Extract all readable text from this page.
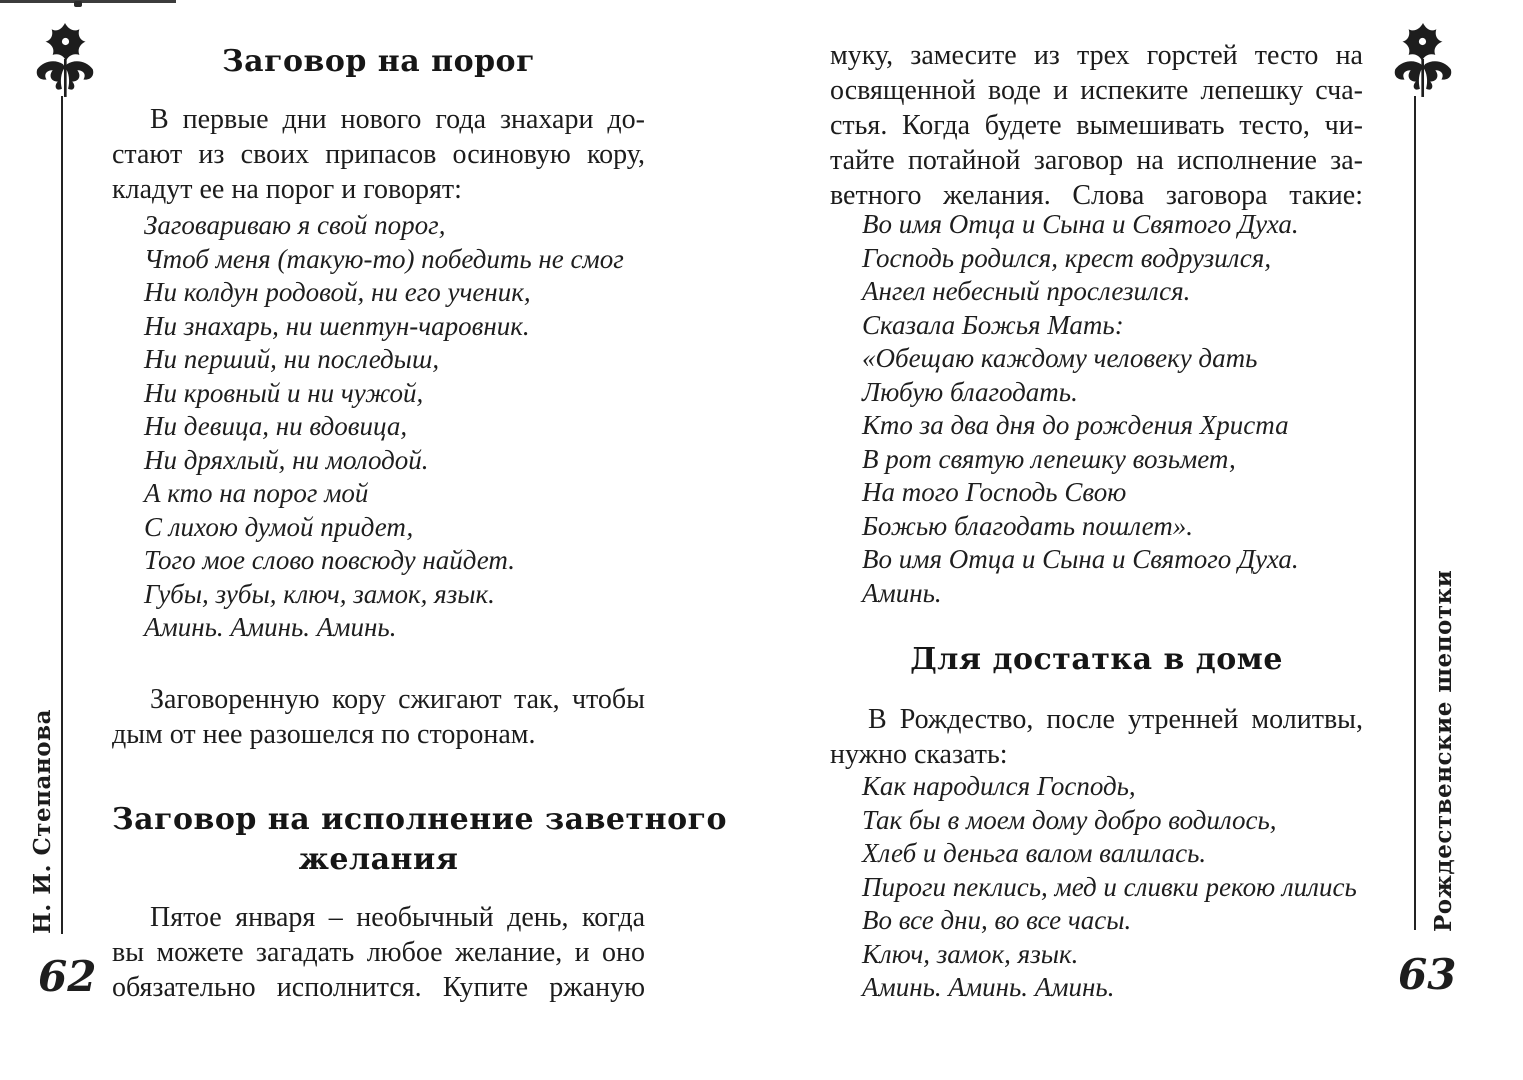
Н. И. Степанова
62
Рождественские шепотки
63
Заговор на порог
В первые дни нового года знахари до-
стают из своих припасов осиновую кору,
кладут ее на порог и говорят:
Заговариваю я свой порог,
Чтоб меня (такую-то) победить не смог
Ни колдун родовой, ни его ученик,
Ни знахарь, ни шептун-чаровник.
Ни перший, ни последыш,
Ни кровный и ни чужой,
Ни девица, ни вдовица,
Ни дряхлый, ни молодой.
А кто на порог мой
С лихою думой придет,
Того мое слово повсюду найдет.
Губы, зубы, ключ, замок, язык.
Аминь. Аминь. Аминь.
Заговоренную кору сжигают так, чтобы
дым от нее разошелся по сторонам.
Заговор на исполнение заветного
желания
Пятое января – необычный день, когда
вы можете загадать любое желание, и оно
обязательно исполнится. Купите ржаную
муку, замесите из трех горстей тесто на
освященной воде и испеките лепешку сча-
стья. Когда будете вымешивать тесто, чи-
тайте потайной заговор на исполнение за-
ветного желания. Слова заговора такие:
Во имя Отца и Сына и Святого Духа.
Господь родился, крест водрузился,
Ангел небесный прослезился.
Сказала Божья Мать:
«Обещаю каждому человеку дать
Любую благодать.
Кто за два дня до рождения Христа
В рот святую лепешку возьмет,
На того Господь Свою
Божью благодать пошлет».
Во имя Отца и Сына и Святого Духа.
Аминь.
Для достатка в доме
В Рождество, после утренней молитвы,
нужно сказать:
Как народился Господь,
Так бы в моем дому добро водилось,
Хлеб и деньга валом валилась.
Пироги пеклись, мед и сливки рекою лились
Во все дни, во все часы.
Ключ, замок, язык.
Аминь. Аминь. Аминь.
